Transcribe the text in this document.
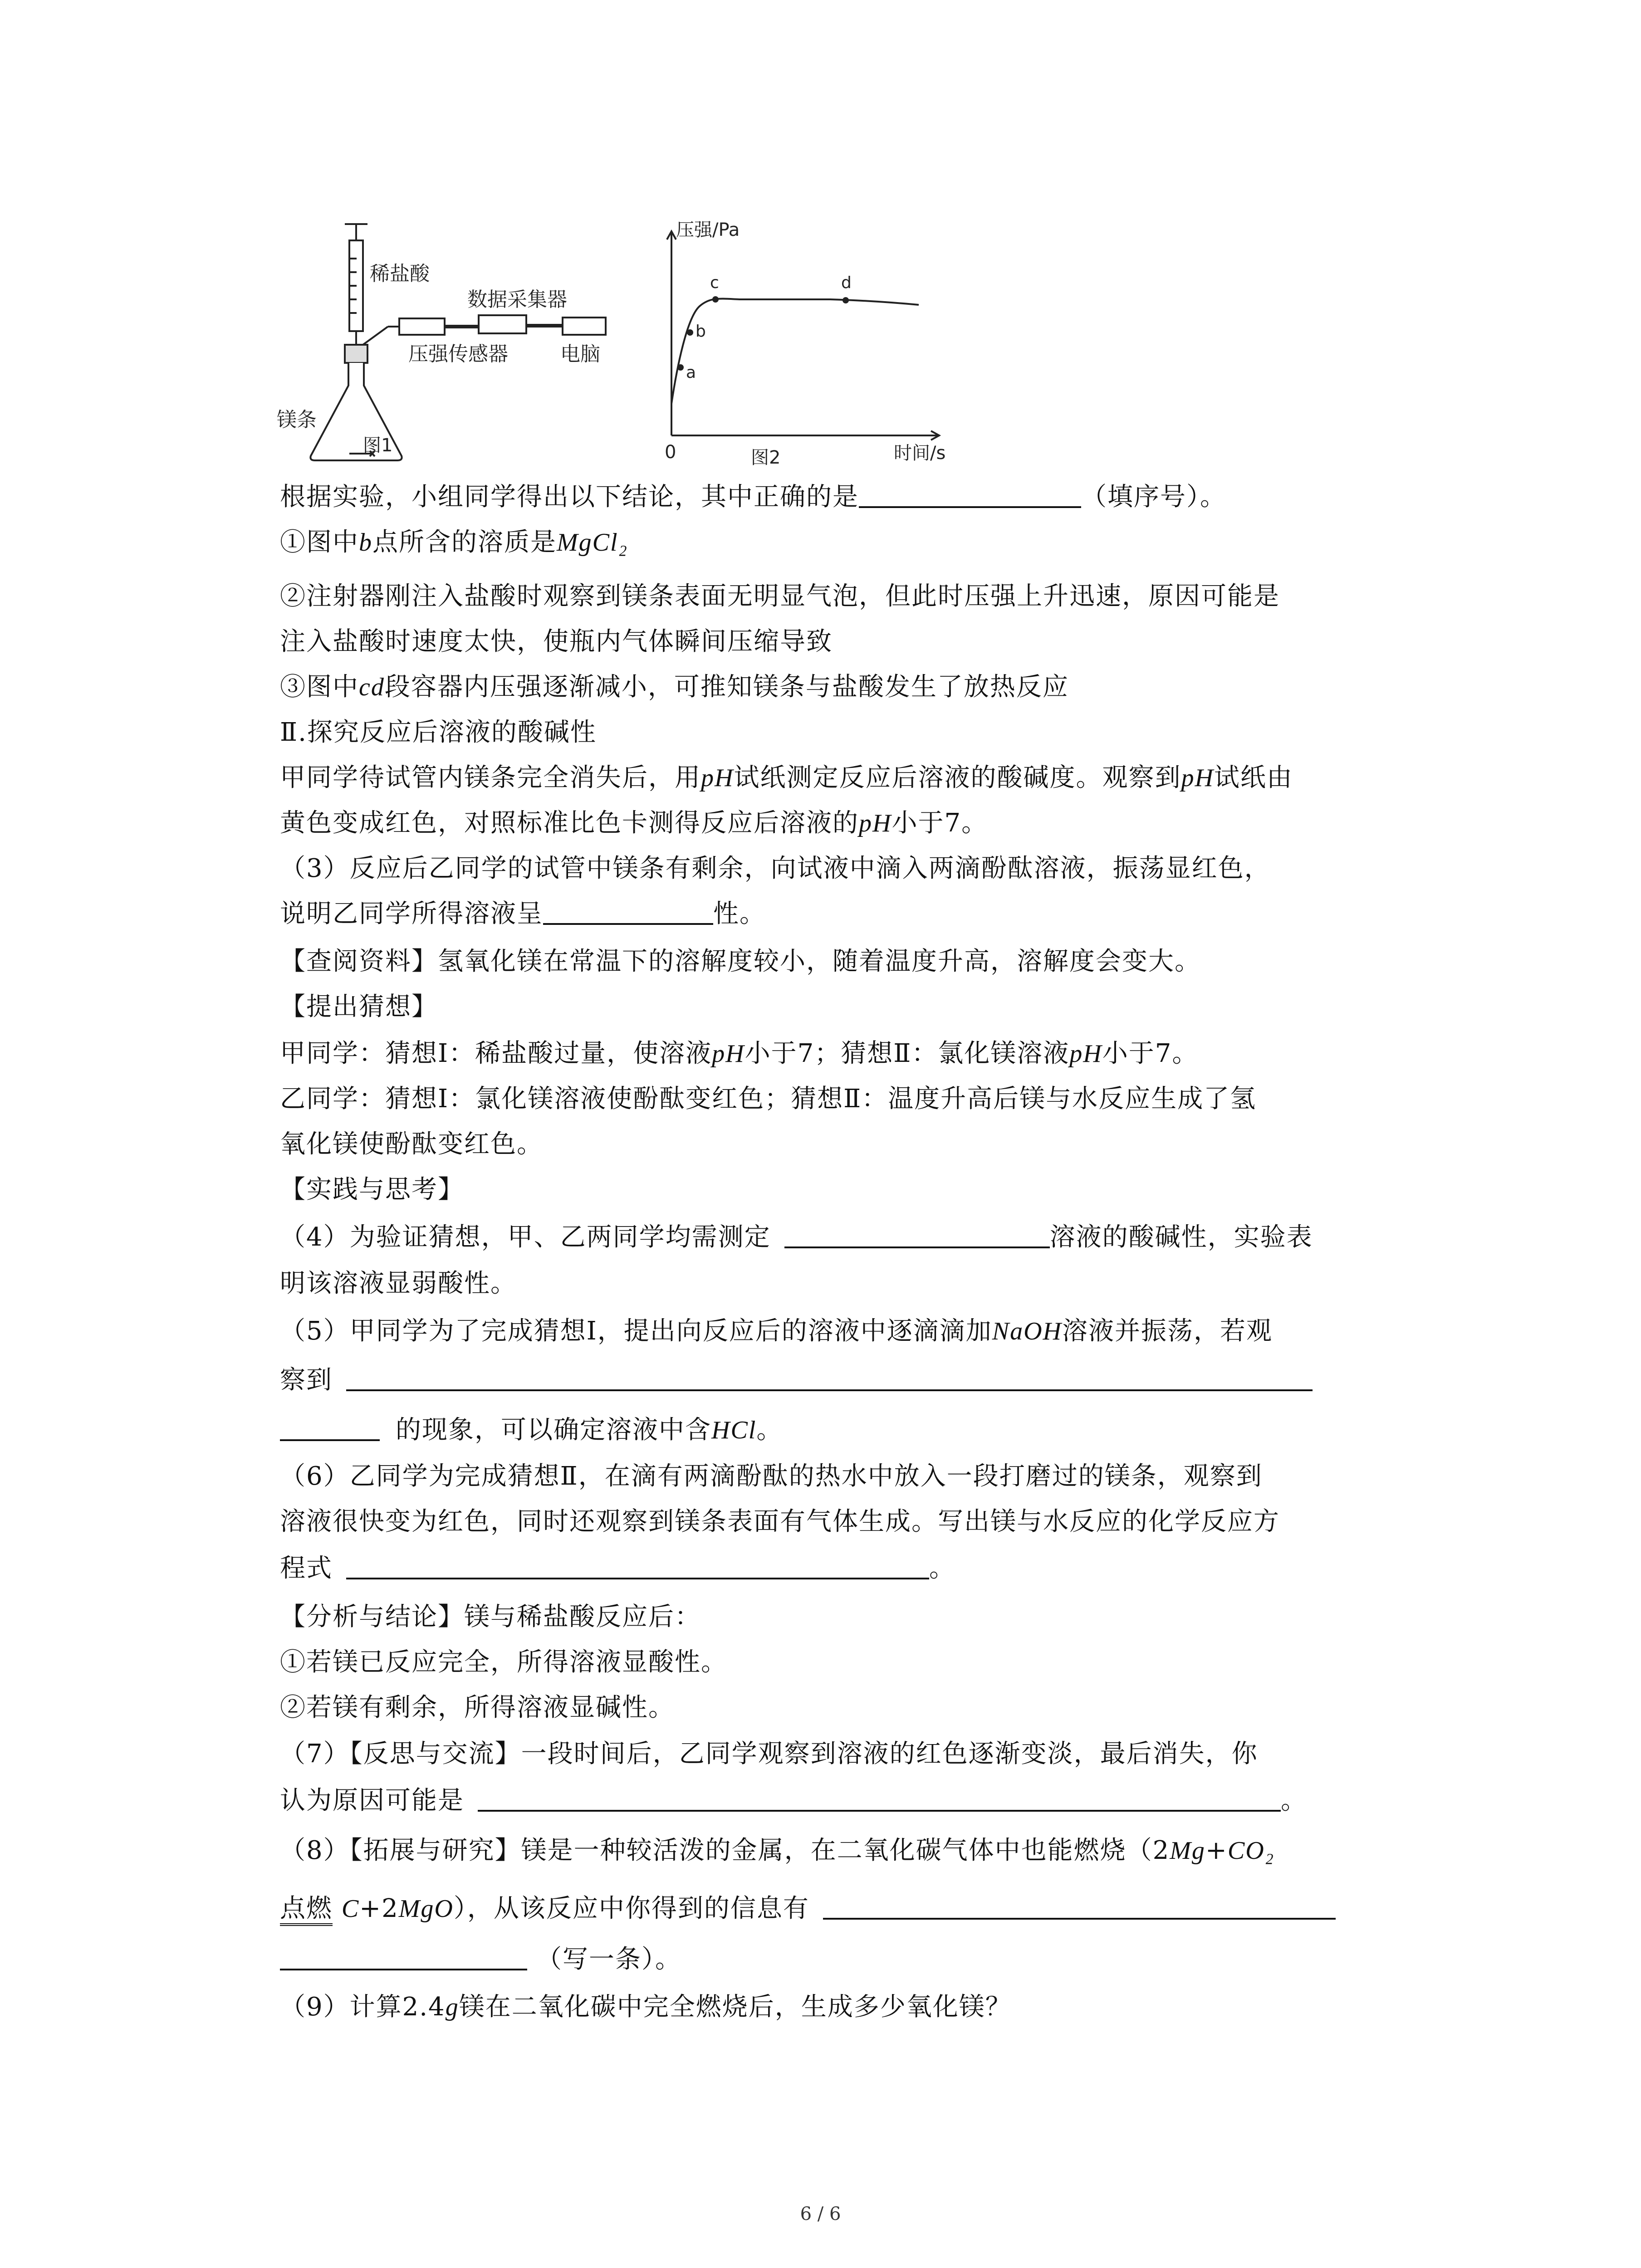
稀盐酸
数据采集器
压强传感器	电脑
镁条
图1
a
b
c	d
压强/Pa
时间/s
0	图2
根据实验，小组同学得出以下结论，其中正确的是	（填序号）。
①图中b点所含的溶质是MgCl₂
②注射器刚注入盐酸时观察到镁条表面无明显气泡，但此时压强上升迅速，原因可能是
注入盐酸时速度太快，使瓶内气体瞬间压缩导致
③图中cd段容器内压强逐渐减小，可推知镁条与盐酸发生了放热反应
Ⅱ.探究反应后溶液的酸碱性
甲同学待试管内镁条完全消失后，用pH试纸测定反应后溶液的酸碱度。观察到pH试纸由
黄色变成红色，对照标准比色卡测得反应后溶液的pH小于7。
（3）反应后乙同学的试管中镁条有剩余，向试液中滴入两滴酚酞溶液，振荡显红色，
说明乙同学所得溶液呈	性。
【查阅资料】氢氧化镁在常温下的溶解度较小，随着温度升高，溶解度会变大。
【提出猜想】
甲同学：猜想Ⅰ：稀盐酸过量，使溶液pH小于7；猜想Ⅱ：氯化镁溶液pH小于7。
乙同学：猜想Ⅰ：氯化镁溶液使酚酞变红色；猜想Ⅱ：温度升高后镁与水反应生成了氢
氧化镁使酚酞变红色。
【实践与思考】
（4）为验证猜想，甲、乙两同学均需测定	溶液的酸碱性，实验表
明该溶液显弱酸性。
（5）甲同学为了完成猜想Ⅰ，提出向反应后的溶液中逐滴滴加NaOH溶液并振荡，若观
察到
的现象，可以确定溶液中含HCl。
（6）乙同学为完成猜想Ⅱ，在滴有两滴酚酞的热水中放入一段打磨过的镁条，观察到
溶液很快变为红色，同时还观察到镁条表面有气体生成。写出镁与水反应的化学反应方
程式	。
【分析与结论】镁与稀盐酸反应后：
①若镁已反应完全，所得溶液显酸性。
②若镁有剩余，所得溶液显碱性。
（7）【反思与交流】一段时间后，乙同学观察到溶液的红色逐渐变淡，最后消失，你
认为原因可能是	。
（8）【拓展与研究】镁是一种较活泼的金属，在二氧化碳气体中也能燃烧（2Mg+CO₂
点燃 C+2MgO），从该反应中你得到的信息有
（写一条）。
（9）计算2.4g镁在二氧化碳中完全燃烧后，生成多少氧化镁？
6 / 6
